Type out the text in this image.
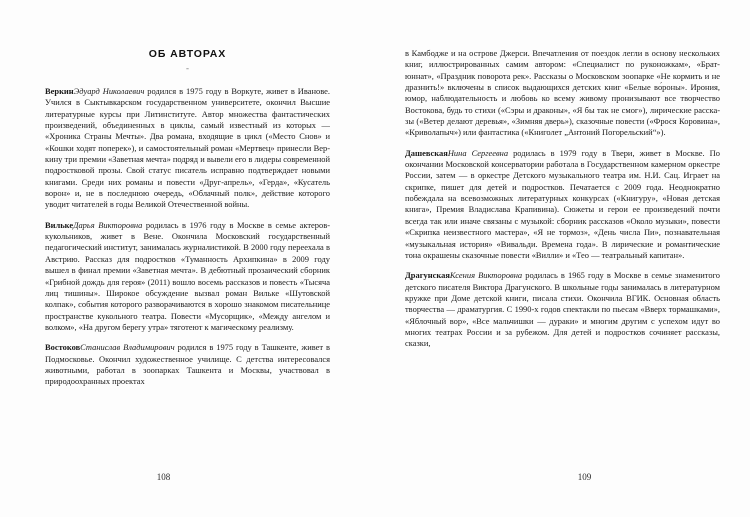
ОБ АВТОРАХ
-

ВеркинЭдуард Николаевич родился в 1975 году в Воркуте, живет в Иванове. Учился в Сыктывкарском государственном университете, окончил Высшие литературные курсы при Литинституте. Автор множества фантастических произведений, объединенных в циклы, самый известный из которых — «Хроника Страны Мечты». Два романа, входящие в цикл («Место Снов» и «Кошки ходят поперек»), и самостоятельный роман «Мертвец» принесли Веркину три премии «Заветная мечта» подряд и вывели его в лидеры современной подростковой прозы. Свой статус писатель исправно подтверждает новыми книгами. Среди них романы и повести «Друг-апрель», «Герда», «Кусатель ворон» и, не в последнюю очередь, «Облачный полк», действие которого уводит читателей в годы Великой Отечественной войны.

ВилькеДарья Викторовна родилась в 1976 году в Москве в семье актеров-кукольников, живет в Вене. Окончила Московский государственный педагогический институт, занималась журналистикой. В 2000 году переехала в Австрию. Рассказ для подростков «Туманность Архипкина» в 2009 году вышел в финал премии «Заветная мечта». В дебютный прозаический сборник «Грибной дождь для героя» (2011) вошло восемь рассказов и повесть «Тысяча лиц тишины». Широкое обсуждение вызвал роман Вильке «Шутовской колпак», события которого разворачиваются в хорошо знакомом писательнице пространстве кукольного театра. Повести «Мусорщик», «Между ангелом и волком», «На другом берегу утра» тяготеют к магическому реализму.

ВостоковСтанислав Владимирович родился в 1975 году в Ташкенте, живет в Подмосковье. Окончил художественное училище. С детства интересовался животными, работал в зоопарках Ташкента и Москвы, участвовал в природоохранных проектах

108

в Камбодже и на острове Джерси. Впечатления от поездок легли в основу нескольких книг, иллюстрированных самим автором: «Специалист по руконожкам», «Брат-юннат», «Праздник поворота рек». Рассказы о Московском зоопарке «Не кормить и не дразнить!» включены в список выдающихся детских книг «Белые во́роны». Ирония, юмор, наблюдательность и любовь ко всему живому пронизывают все творчество Востокова, будь то стихи («Сэры и драконы», «Я бы так не смог»), лирические рассказы («Ветер делают деревья», «Зимняя дверь»), сказочные повести («Фрося Коровина», «Криволапыч») или фантастика («Книголет „Антоний Погорельский“»).

ДашевскаяНина Сергеевна родилась в 1979 году в Твери, живет в Москве. По окончании Московской консерватории работала в Государственном камерном оркестре России, затем — в оркестре Детского музыкального театра им. Н.И. Сац. Играет на скрипке, пишет для детей и подростков. Печатается с 2009 года. Неоднократно побеждала на всевозможных литературных конкурсах («Книгуру», «Новая детская книга», Премия Владислава Крапивина). Сюжеты и герои ее произведений почти всегда так или иначе связаны с музыкой: сборник рассказов «Около музыки», повести «Скрипка неизвестного мастера», «Я не тормоз», «День числа Пи», познавательная «музыкальная история» «Вивальди. Времена года». В лирические и романтические тона окрашены сказочные повести «Вилли» и «Тео — театральный капитан».

ДрагунскаяКсения Викторовна родилась в 1965 году в Москве в семье знаменитого детского писателя Виктора Драгунского. В школьные годы занималась в литературном кружке при Доме детской книги, писала стихи. Окончила ВГИК. Основная область творчества — драматургия. С 1990-х годов спектакли по пьесам «Вверх тормашками», «Яблочный вор», «Все мальчишки — дураки» и многим другим с успехом идут во многих театрах России и за рубежом. Для детей и подростков сочиняет рассказы, сказки,

109
